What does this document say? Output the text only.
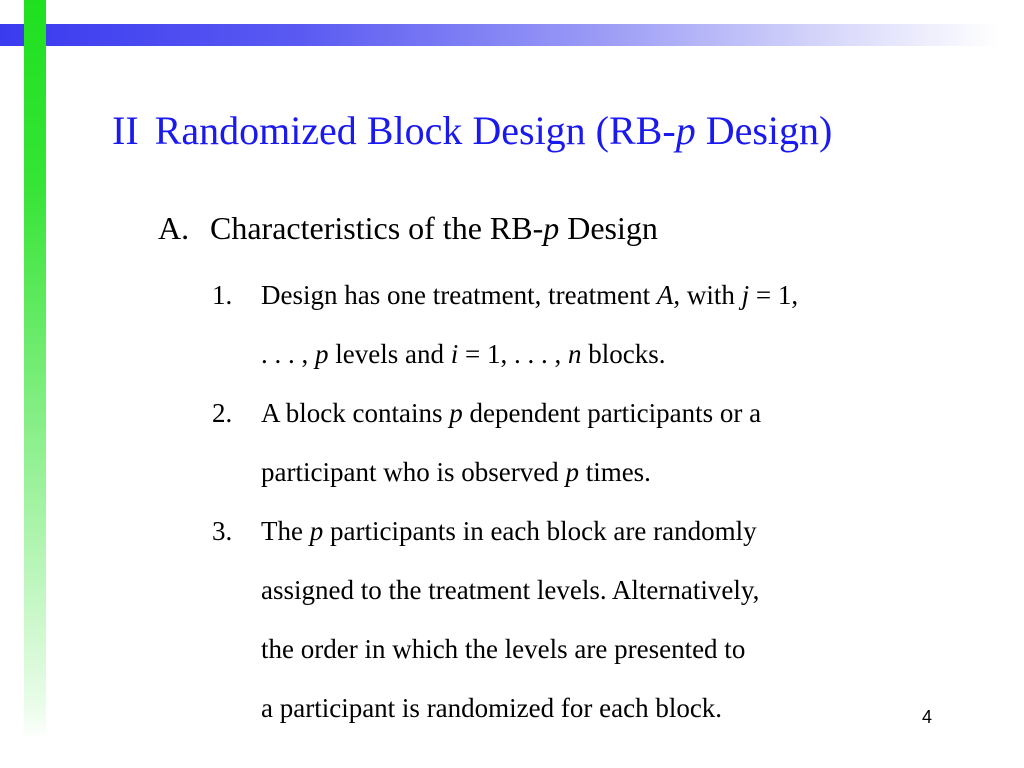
II Randomized Block Design (RB-p Design)
A. Characteristics of the RB-p Design
1. Design has one treatment, treatment A, with j = 1,
. . . , p levels and i = 1, . . . , n blocks.
2. A block contains p dependent participants or a
participant who is observed p times.
3. The p participants in each block are randomly
assigned to the treatment levels. Alternatively,
the order in which the levels are presented to
a participant is randomized for each block.	4
